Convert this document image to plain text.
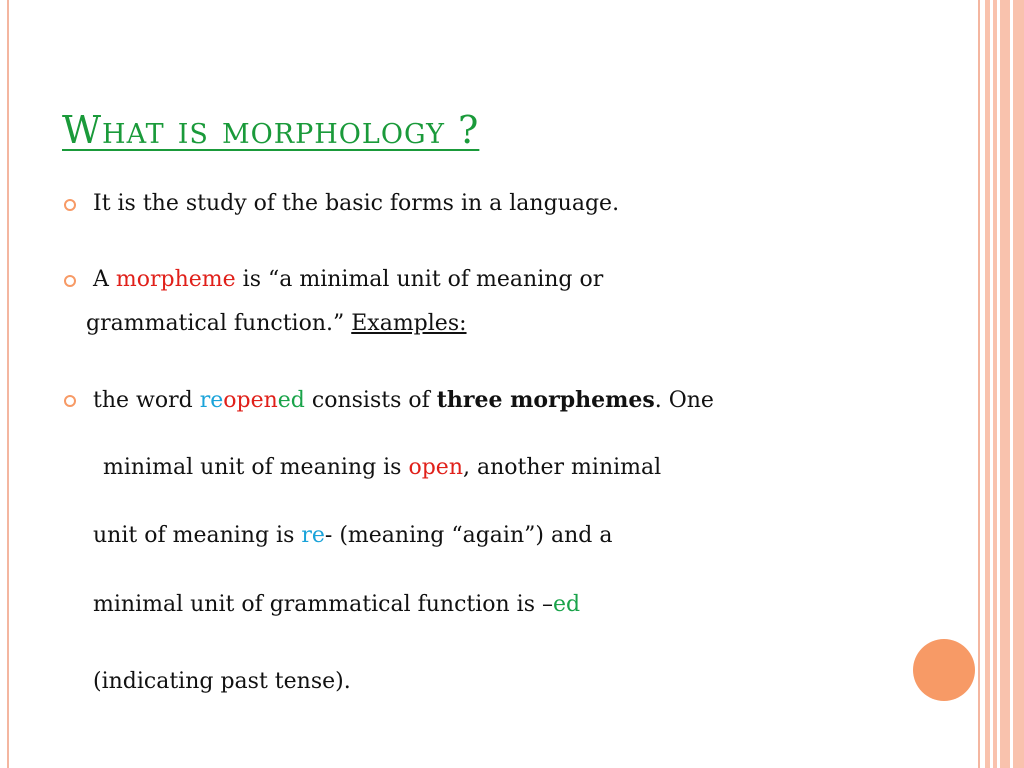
What is morphology ?
It is the study of the basic forms in a language.
A morpheme is “a minimal unit of meaning or
grammatical function.” Examples:
the word reopened consists of three morphemes. One
minimal unit of meaning is open, another minimal
unit of meaning is re- (meaning “again”) and a
minimal unit of grammatical function is –ed
(indicating past tense).
